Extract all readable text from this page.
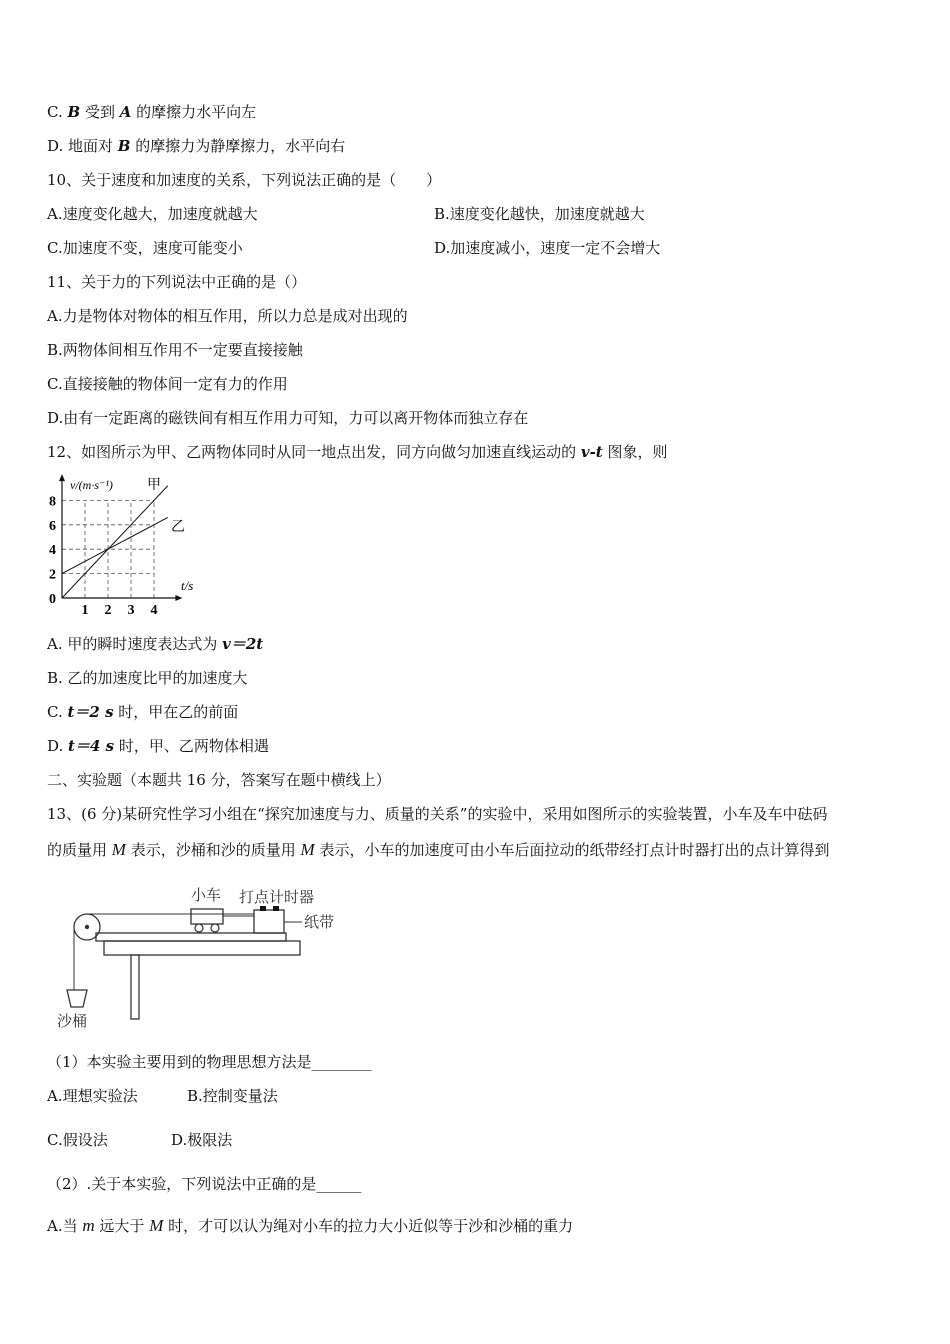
C. B 受到 A 的摩擦力水平向左
D. 地面对 B 的摩擦力为静摩擦力，水平向右
10、关于速度和加速度的关系，下列说法正确的是（　　）
A.速度变化越大，加速度就越大	B.速度变化越快，加速度就越大
C.加速度不变，速度可能变小	D.加速度减小，速度一定不会增大
11、关于力的下列说法中正确的是（）
A.力是物体对物体的相互作用，所以力总是成对出现的
B.两物体间相互作用不一定要直接接触
C.直接接触的物体间一定有力的作用
D.由有一定距离的磁铁间有相互作用力可知，力可以离开物体而独立存在
12、如图所示为甲、乙两物体同时从同一地点出发，同方向做匀加速直线运动的 v-t 图象，则
0
2
4
6
8
1 2 3 4
v/(m·s⁻¹)
t/s
甲
乙
A. 甲的瞬时速度表达式为 v＝2t
B. 乙的加速度比甲的加速度大
C. t＝2 s 时，甲在乙的前面
D. t＝4 s 时，甲、乙两物体相遇
二、实验题（本题共 16 分，答案写在题中横线上）
13、(6 分)某研究性学习小组在“探究加速度与力、质量的关系”的实验中，采用如图所示的实验装置，小车及车中砝码
的质量用 M 表示，沙桶和沙的质量用 M 表示，小车的加速度可由小车后面拉动的纸带经打点计时器打出的点计算得到
小车 打点计时器
纸带
沙桶
（1）本实验主要用到的物理思想方法是________
A.理想实验法	B.控制变量法
C.假设法	D.极限法
（2）.关于本实验，下列说法中正确的是______
A.当 m 远大于 M 时，才可以认为绳对小车的拉力大小近似等于沙和沙桶的重力
